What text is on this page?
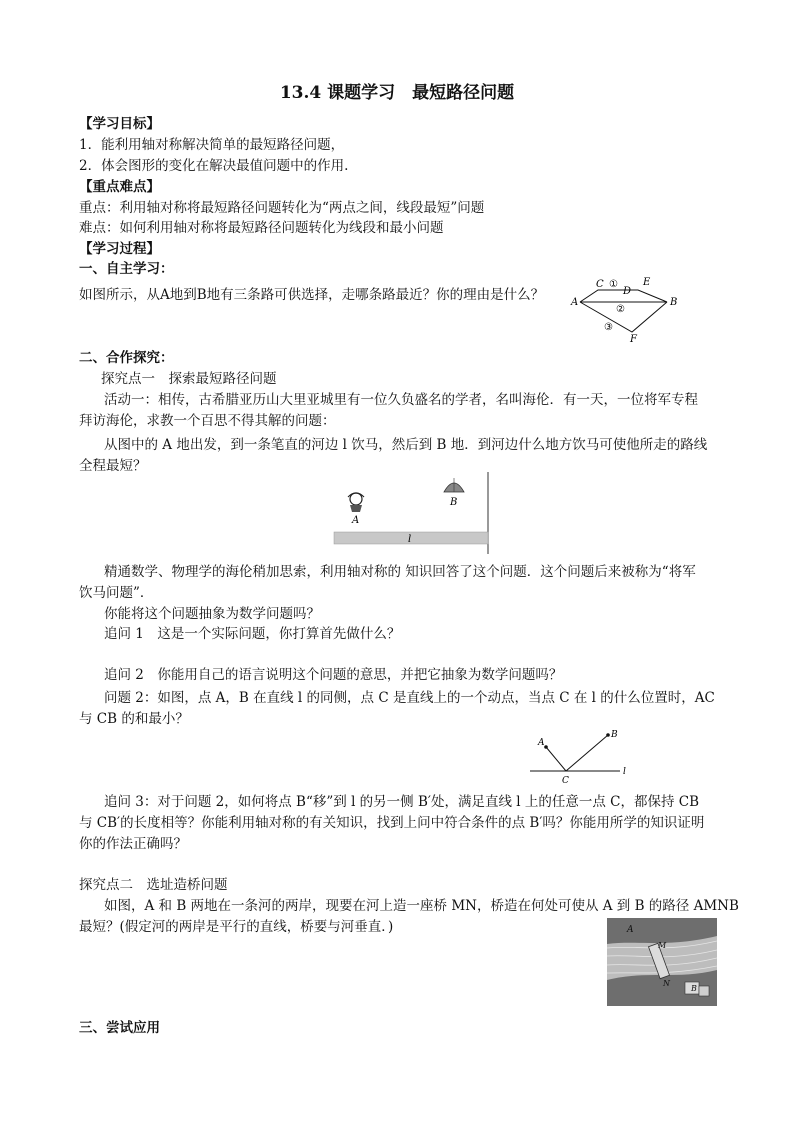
13.4 课题学习　最短路径问题
【学习目标】
1．能利用轴对称解决简单的最短路径问题，
2．体会图形的变化在解决最值问题中的作用.
【重点难点】
重点：利用轴对称将最短路径问题转化为“两点之间，线段最短”问题
难点：如何利用轴对称将最短路径问题转化为线段和最小问题
【学习过程】
一、自主学习：
如图所示，从A地到B地有三条路可供选择，走哪条路最近？你的理由是什么？	A	B
C
D
E
F
①
②
③
二、合作探究：
探究点一　探索最短路径问题
活动一：相传，古希腊亚历山大里亚城里有一位久负盛名的学者，名叫海伦．有一天，一位将军专程
拜访海伦，求教一个百思不得其解的问题：
从图中的 A 地出发，到一条笔直的河边 l 饮马，然后到 B 地．到河边什么地方饮马可使他所走的路线
全程最短？
A
B
l
精通数学、物理学的海伦稍加思索，利用轴对称的 知识回答了这个问题．这个问题后来被称为“将军
饮马问题”．
你能将这个问题抽象为数学问题吗？
追问 1　这是一个实际问题，你打算首先做什么？
追问 2　你能用自己的语言说明这个问题的意思，并把它抽象为数学问题吗？
问题 2：如图，点 A，B 在直线 l 的同侧，点 C 是直线上的一个动点，当点 C 在 l 的什么位置时，AC
与 CB 的和最小？
A
B
C
l
追问 3：对于问题 2，如何将点 B“移”到 l 的另一侧 B′处，满足直线 l 上的任意一点 C，都保持 CB
与 CB′的长度相等？你能利用轴对称的有关知识，找到上问中符合条件的点 B′吗？你能用所学的知识证明
你的作法正确吗？
探究点二　选址造桥问题
如图，A 和 B 两地在一条河的两岸，现要在河上造一座桥 MN，桥造在何处可使从 A 到 B 的路径 AMNB
最短？(假定河的两岸是平行的直线，桥要与河垂直．)	A
M
N
B
三、尝试应用
